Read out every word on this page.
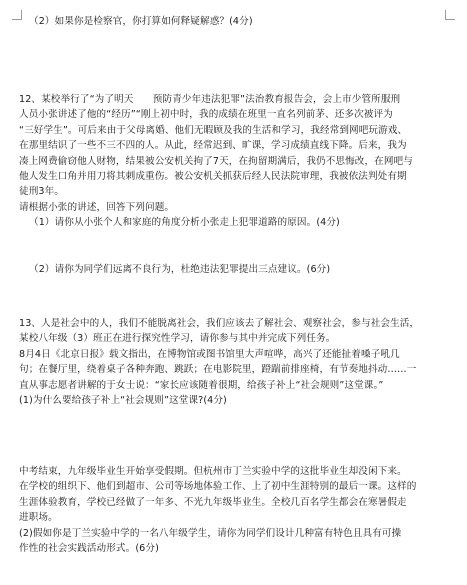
（2）如果你是检察官，你打算如何释疑解惑？(4分)
12、某校举行了“为了明天　　预防青少年违法犯罪”法治教育报告会，会上市少管所服刑
人员小张讲述了他的“经历”“刚上初中时，我的成绩在班里一直名列前茅、还多次被评为
“三好学生”。可后来由于父母离婚、他们无暇顾及我的生活和学习，我经常到网吧玩游戏、
在那里结识了一些不三不四的人。从此，经常迟到、旷课，学习成绩直线下降。后来，我为
凑上网费偷窃他人财物，结果被公安机关拘了7天，在拘留期满后，我仍不思悔改，在网吧与
他人发生口角并用刀将其刺成重伤。被公安机关抓获后经人民法院审理，我被依法判处有期
徒刑3年。
请根据小张的讲述，回答下列问题。
（1）请你从小张个人和家庭的角度分析小张走上犯罪道路的原因。(4分)
（2）请你为同学们远离不良行为，杜绝违法犯罪提出三点建议。(6分)
13、人是社会中的人，我们不能脱离社会，我们应该去了解社会、观察社会，参与社会生活，
某校八年级（3）班正在进行探究性学习，请你参与其中并完成下列任务。
8月4日《北京日报》载文指出，在博物馆或图书馆里大声喧哗，高兴了还能扯着嗓子吼几
句；在餐厅里，绕着桌子各种奔跑、跳跃；在电影院里，蹬踹前排座椅，有节奏地抖动……一
直从事志愿者讲解的于女士说：“家长应该随着很期，给孩子补上“社会规则”这堂课。”
(1)为什么要给孩子补上“社会规则”这堂课?(4分)
中考结束，九年级毕业生开始享受假期。但杭州市丁兰实验中学的这批毕业生却没闲下来。
在学校的组织下、他们到超市、公司等场地体验工作、上了初中生涯特别的最后一课。这样的
生涯体验教育，学校已经做了一年多、不光九年级毕业生。全校几百名学生都会在寒暑假走
进职场。
(2)假如你是丁兰实验中学的一名八年级学生，请你为同学们设计几种富有特色且具有可操
作性的社会实践活动形式。(6分)
